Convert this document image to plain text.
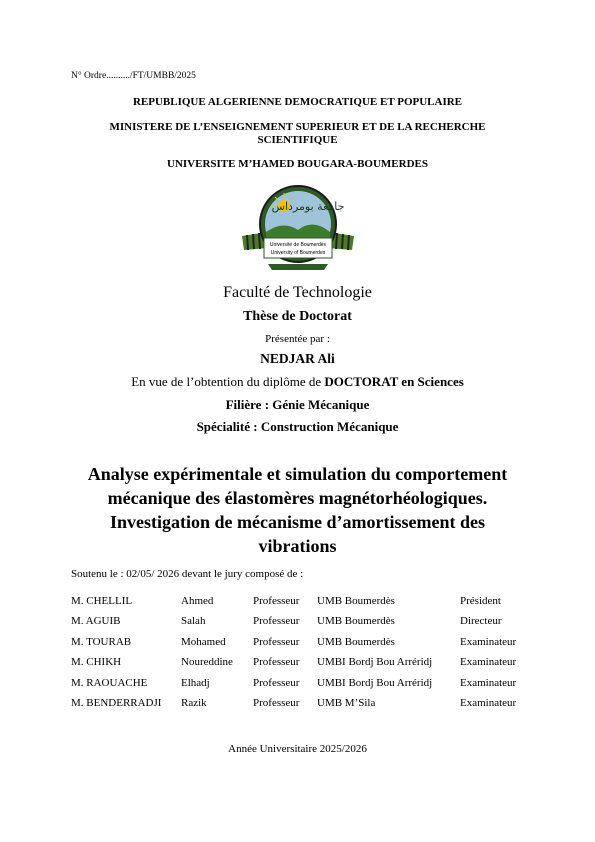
N° Ordre........../FT/UMBB/2025
REPUBLIQUE ALGERIENNE DEMOCRATIQUE ET POPULAIRE
MINISTERE DE L’ENSEIGNEMENT SUPERIEUR ET DE LA RECHERCHE
SCIENTIFIQUE
UNIVERSITE M’HAMED BOUGARA-BOUMERDES
جامعة بومرداس
Université de Boumerdès
University of Boumerdes
Faculté de Technologie
Thèse de Doctorat
Présentée par :
NEDJAR Ali
En vue de l’obtention du diplôme de DOCTORAT en Sciences
Filière : Génie Mécanique
Spécialité : Construction Mécanique
Analyse expérimentale et simulation du comportement
mécanique des élastomères magnétorhéologiques.
Investigation de mécanisme d’amortissement des
vibrations
Soutenu le : 02/05/ 2026 devant le jury composé de :
M. CHELLIL	Ahmed	Professeur UMB Boumerdès	Président
M. AGUIB	Salah	Professeur UMB Boumerdès	Directeur
M. TOURAB	Mohamed Professeur UMB Boumerdès	Examinateur
M. CHIKH	Noureddine Professeur UMBI Bordj Bou Arréridj	Examinateur
M. RAOUACHE	Elhadj	Professeur UMBI Bordj Bou Arréridj	Examinateur
M. BENDERRADJI Razik	Professeur UMB M’Sila	Examinateur
Année Universitaire 2025/2026
